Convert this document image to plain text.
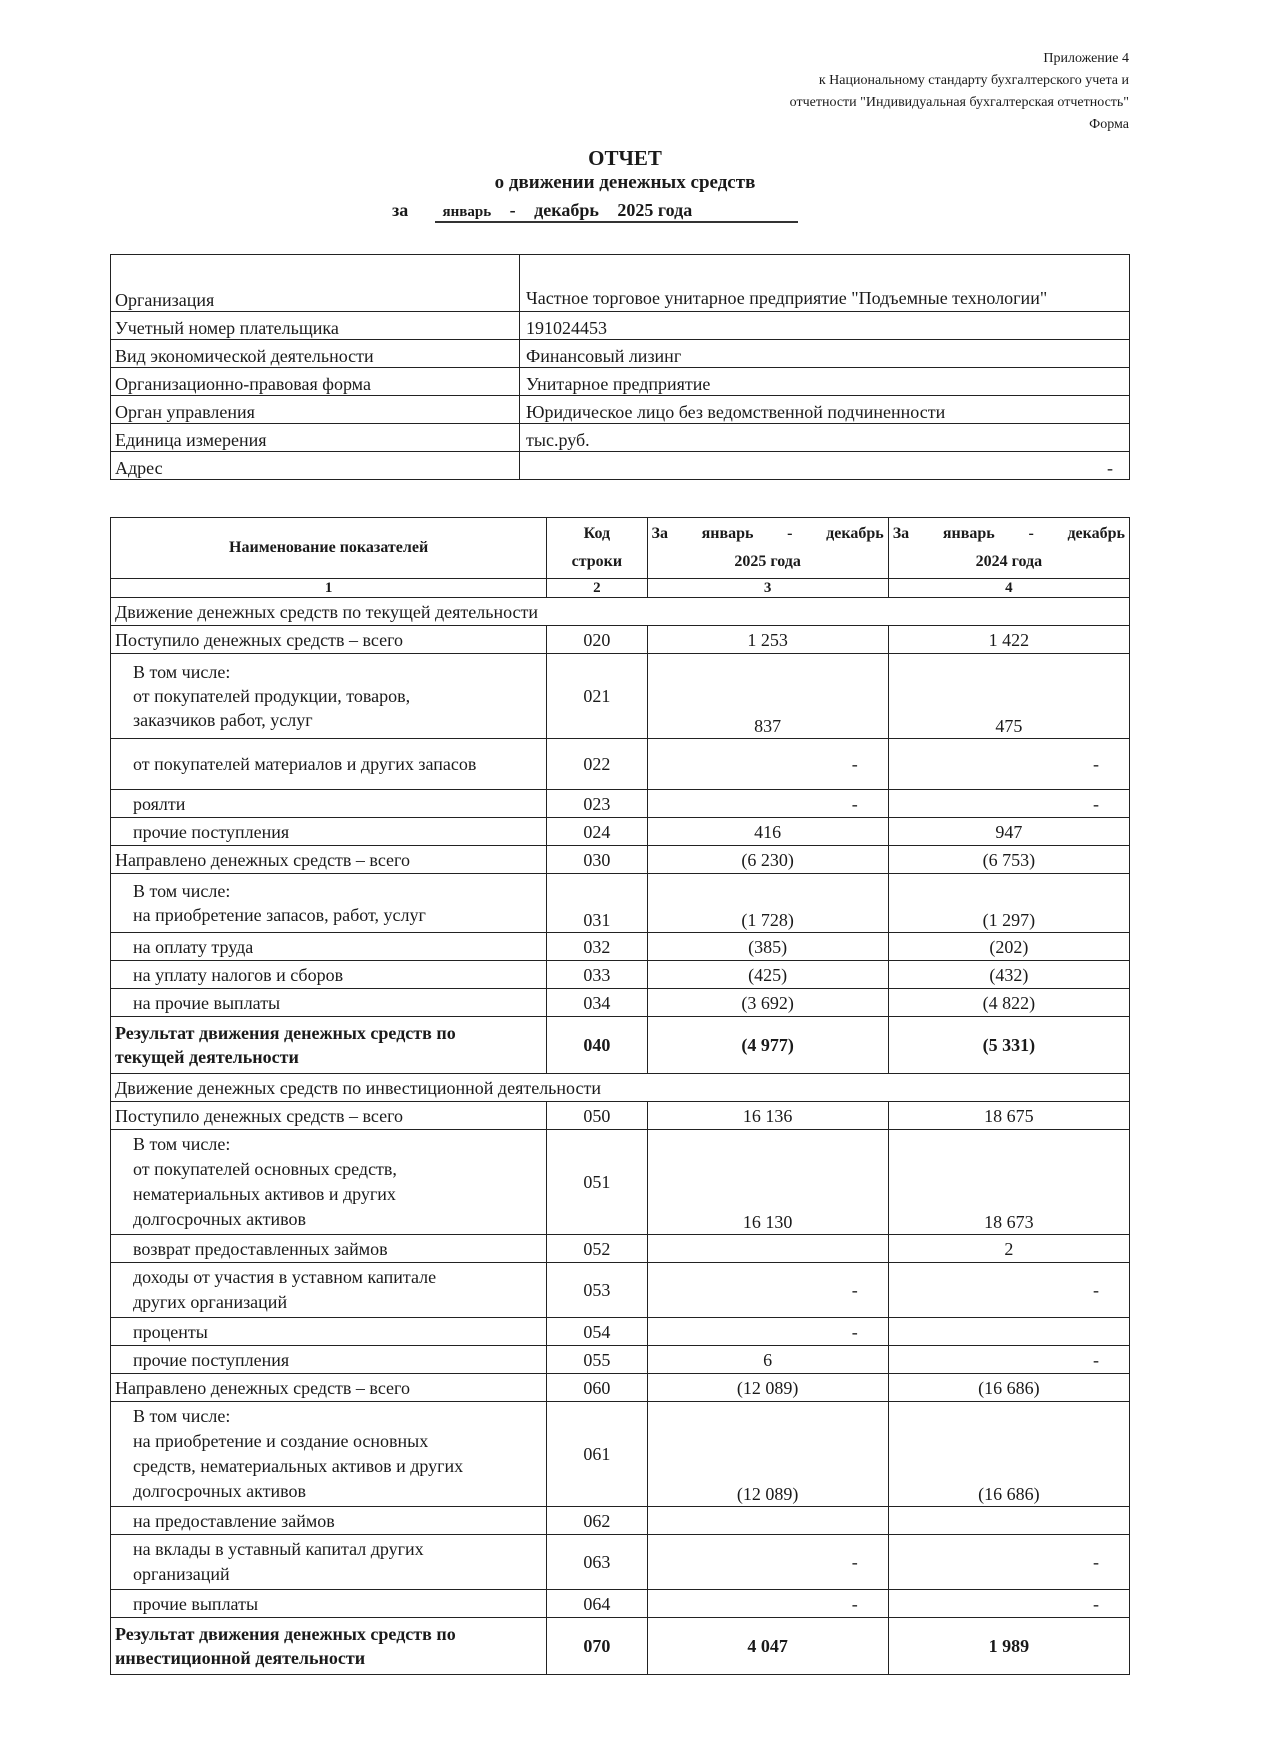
Приложение 4
к Национальному стандарту бухгалтерского учета и
отчетности "Индивидуальная бухгалтерская отчетность"
Форма
ОТЧЕТ
о движении денежных средств
за январь - декабрь 2025 года
Организация	Частное торговое унитарное предприятие "Подъемные технологии"
Учетный номер плательщика	191024453
Вид экономической деятельности	Финансовый лизинг
Организационно-правовая форма	Унитарное предприятие
Орган управления	Юридическое лицо без ведомственной подчиненности
Единица измерения	тыс.руб.
Адрес	-
Наименование показателей	
Код
строки

За январь - декабрь
2025 года

За январь - декабрь
2024 года

1	2	3	4
Движение денежных средств по текущей деятельности			
Поступило денежных средств – всего	020	1 253	1 422

В том числе:
от покупателей продукции, товаров,
заказчиков работ, услуг	021	837	475
от покупателей материалов и других запасов	022	-	-
роялти	023	-	-
прочие поступления	024	416	947
Направлено денежных средств – всего	030	(6 230)	(6 753)

В том числе:
на приобретение запасов, работ, услуг	031	(1 728)	(1 297)
на оплату труда	032	(385)	(202)
на уплату налогов и сборов	033	(425)	(432)
на прочие выплаты	034	(3 692)	(4 822)

Результат движения денежных средств по
текущей деятельности	040	(4 977)	(5 331)
Движение денежных средств по инвестиционной деятельности			
Поступило денежных средств – всего	050	16 136	18 675

В том числе:
от покупателей основных средств,
нематериальных активов и других
долгосрочных активов	051	16 130	18 673
возврат предоставленных займов	052		2

доходы от участия в уставном капитале
других организаций	053	-	-
проценты	054	-	
прочие поступления	055	6	-
Направлено денежных средств – всего	060	(12 089)	(16 686)

В том числе:
на приобретение и создание основных
средств, нематериальных активов и других
долгосрочных активов	061	(12 089)	(16 686)
на предоставление займов	062		

на вклады в уставный капитал других
организаций	063	-	-
прочие выплаты	064	-	-

Результат движения денежных средств по
инвестиционной деятельности	070	4 047	1 989
